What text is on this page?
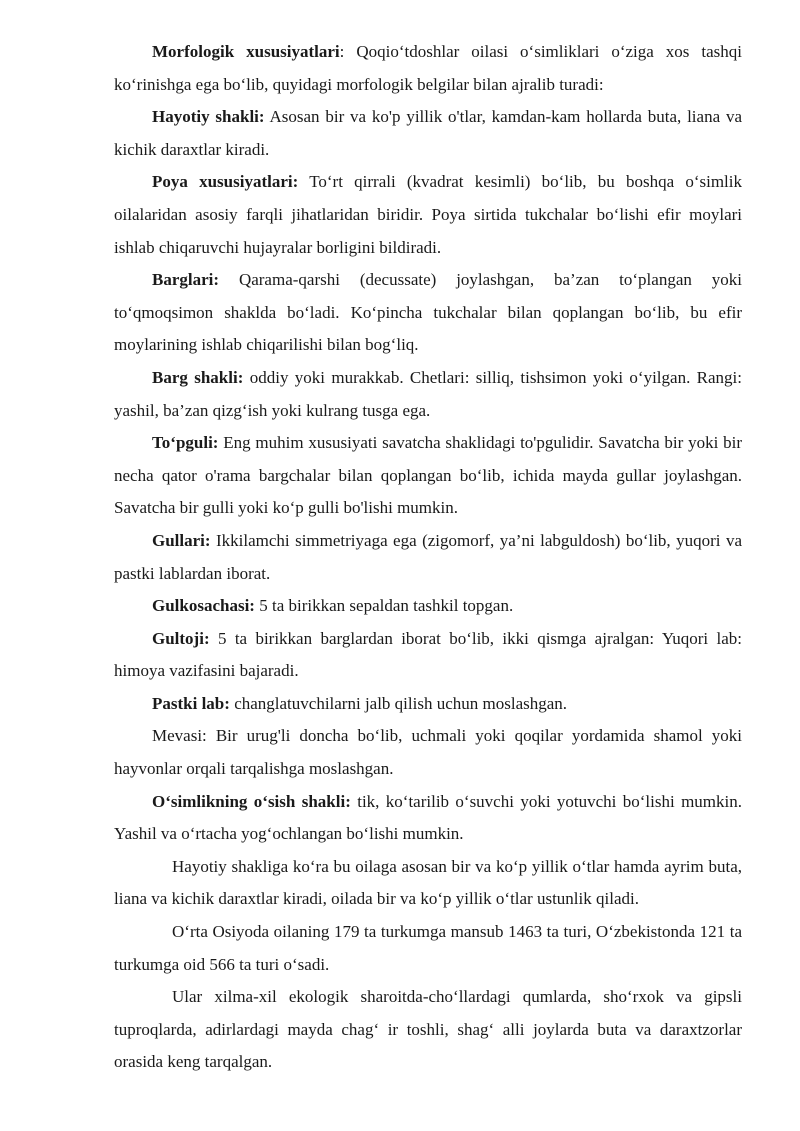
Morfologik xususiyatlari: Qoqio‘tdoshlar oilasi o‘simliklari o‘ziga xos tashqi ko‘rinishga ega bo‘lib, quyidagi morfologik belgilar bilan ajralib turadi:

Hayotiy shakli: Asosan bir va ko'p yillik o'tlar, kamdan-kam hollarda buta, liana va kichik daraxtlar kiradi.

Poya xususiyatlari: To‘rt qirrali (kvadrat kesimli) bo‘lib, bu boshqa o‘simlik oilalaridan asosiy farqli jihatlaridan biridir. Poya sirtida tukchalar bo‘lishi efir moylari ishlab chiqaruvchi hujayralar borligini bildiradi.

Barglari: Qarama-qarshi (decussate) joylashgan, ba’zan to‘plangan yoki to‘qmoqsimon shaklda bo‘ladi. Ko‘pincha tukchalar bilan qoplangan bo‘lib, bu efir moylarining ishlab chiqarilishi bilan bog‘liq.

Barg shakli: oddiy yoki murakkab. Chetlari: silliq, tishsimon yoki o‘yilgan. Rangi: yashil, ba’zan qizg‘ish yoki kulrang tusga ega.

To‘pguli: Eng muhim xususiyati savatcha shaklidagi to'pgulidir. Savatcha bir yoki bir necha qator o'rama bargchalar bilan qoplangan bo‘lib, ichida mayda gullar joylashgan. Savatcha bir gulli yoki ko‘p gulli bo'lishi mumkin.

Gullari: Ikkilamchi simmetriyaga ega (zigomorf, ya’ni labguldosh) bo‘lib, yuqori va pastki lablardan iborat.

Gulkosachasi: 5 ta birikkan sepaldan tashkil topgan.

Gultoji: 5 ta birikkan barglardan iborat bo‘lib, ikki qismga ajralgan: Yuqori lab: himoya vazifasini bajaradi.

Pastki lab: changlatuvchilarni jalb qilish uchun moslashgan.

Mevasi: Bir urug'li doncha bo‘lib, uchmali yoki qoqilar yordamida shamol yoki hayvonlar orqali tarqalishga moslashgan.

O‘simlikning o‘sish shakli: tik, ko‘tarilib o‘suvchi yoki yotuvchi bo‘lishi mumkin. Yashil va o‘rtacha yog‘ochlangan bo‘lishi mumkin.

Hayotiy shakliga ko‘ra bu oilaga asosan bir va ko‘p yillik o‘tlar hamda ayrim buta, liana va kichik daraxtlar kiradi, oilada bir va ko‘p yillik o‘tlar ustunlik qiladi.

O‘rta Osiyoda oilaning 179 ta turkumga mansub 1463 ta turi, O‘zbekistonda 121 ta turkumga oid 566 ta turi o‘sadi.

Ular xilma-xil ekologik sharoitda-cho‘llardagi qumlarda, sho‘rxok va gipsli tuproqlarda, adirlardagi mayda chag‘ ir toshli, shag‘ alli joylarda buta va daraxtzorlar orasida keng tarqalgan.
